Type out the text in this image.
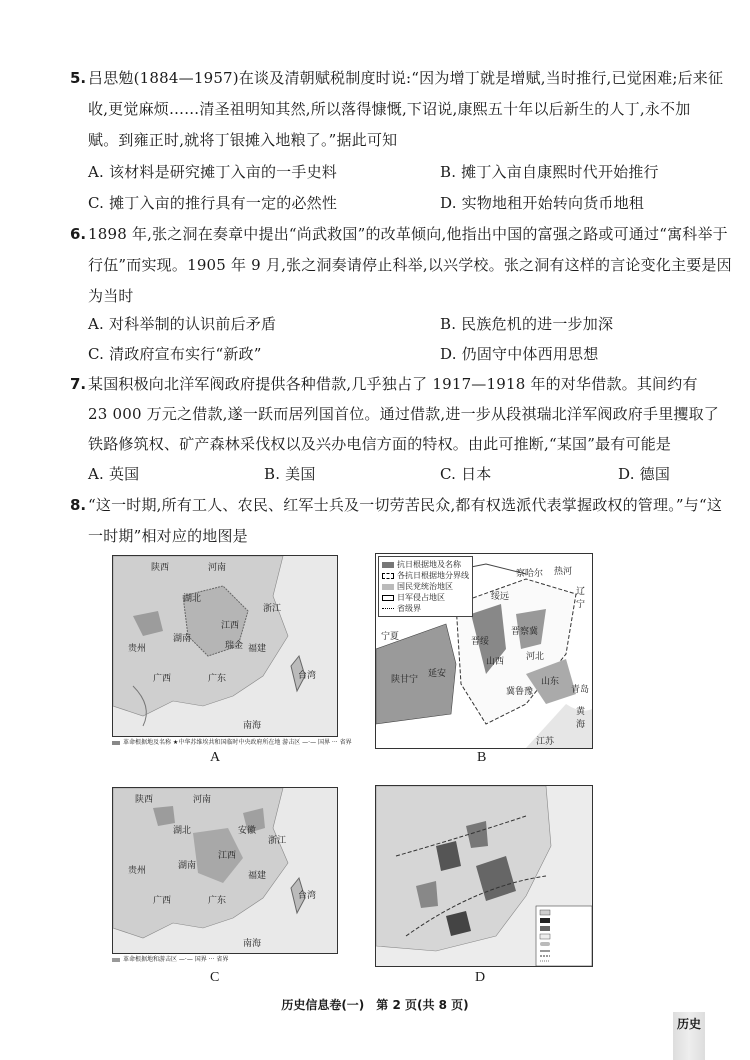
5. 吕思勉(1884—1957)在谈及清朝赋税制度时说:“因为增丁就是增赋,当时推行,已觉困难;后来征
收,更觉麻烦……清圣祖明知其然,所以落得慷慨,下诏说,康熙五十年以后新生的人丁,永不加
赋。到雍正时,就将丁银摊入地粮了。”据此可知
A. 该材料是研究摊丁入亩的一手史料	B. 摊丁入亩自康熙时代开始推行
C. 摊丁入亩的推行具有一定的必然性	D. 实物地租开始转向货币地租
6. 1898 年,张之洞在奏章中提出“尚武救国”的改革倾向,他指出中国的富强之路或可通过“寓科举于
行伍”而实现。1905 年 9 月,张之洞奏请停止科举,以兴学校。张之洞有这样的言论变化主要是因
为当时
A. 对科举制的认识前后矛盾	B. 民族危机的进一步加深
C. 清政府宣布实行“新政”	D. 仍固守中体西用思想
7. 某国积极向北洋军阀政府提供各种借款,几乎独占了 1917—1918 年的对华借款。其间约有
23 000 万元之借款,遂一跃而居列国首位。通过借款,进一步从段祺瑞北洋军阀政府手里攫取了
铁路修筑权、矿产森林采伐权以及兴办电信方面的特权。由此可推断,“某国”最有可能是
A. 英国	B. 美国	C. 日本	D. 德国
8. “这一时期,所有工人、农民、红军士兵及一切劳苦民众,都有权选派代表掌握政权的管理。”与“这
一时期”相对应的地图是
陕西	河南
湖北
湖南
江西
福建
浙江
贵州
广东
广西	台湾
瑞金
南海
革命根据地及名称 ★中华苏维埃共和国临时中央政府所在地 游击区 —·— 国界 ··· 省界
A
抗日根据地及名称
各抗日根据地分界线
国民党统治地区
日军侵占地区
省级界
绥远
察哈尔 热河
辽宁
宁夏
陕甘宁
延安
晋绥
晋察冀
冀鲁豫
山东
河北
山西
青岛
黄海
江苏
B
陕西	河南
湖北	安徽
江西
浙江
湖南
福建
贵州
广西	广东	台湾
南海
革命根据地和游击区 —·— 国界 ··· 省界
C	D
历史信息卷(一)　第 2 页(共 8 页)
历史
